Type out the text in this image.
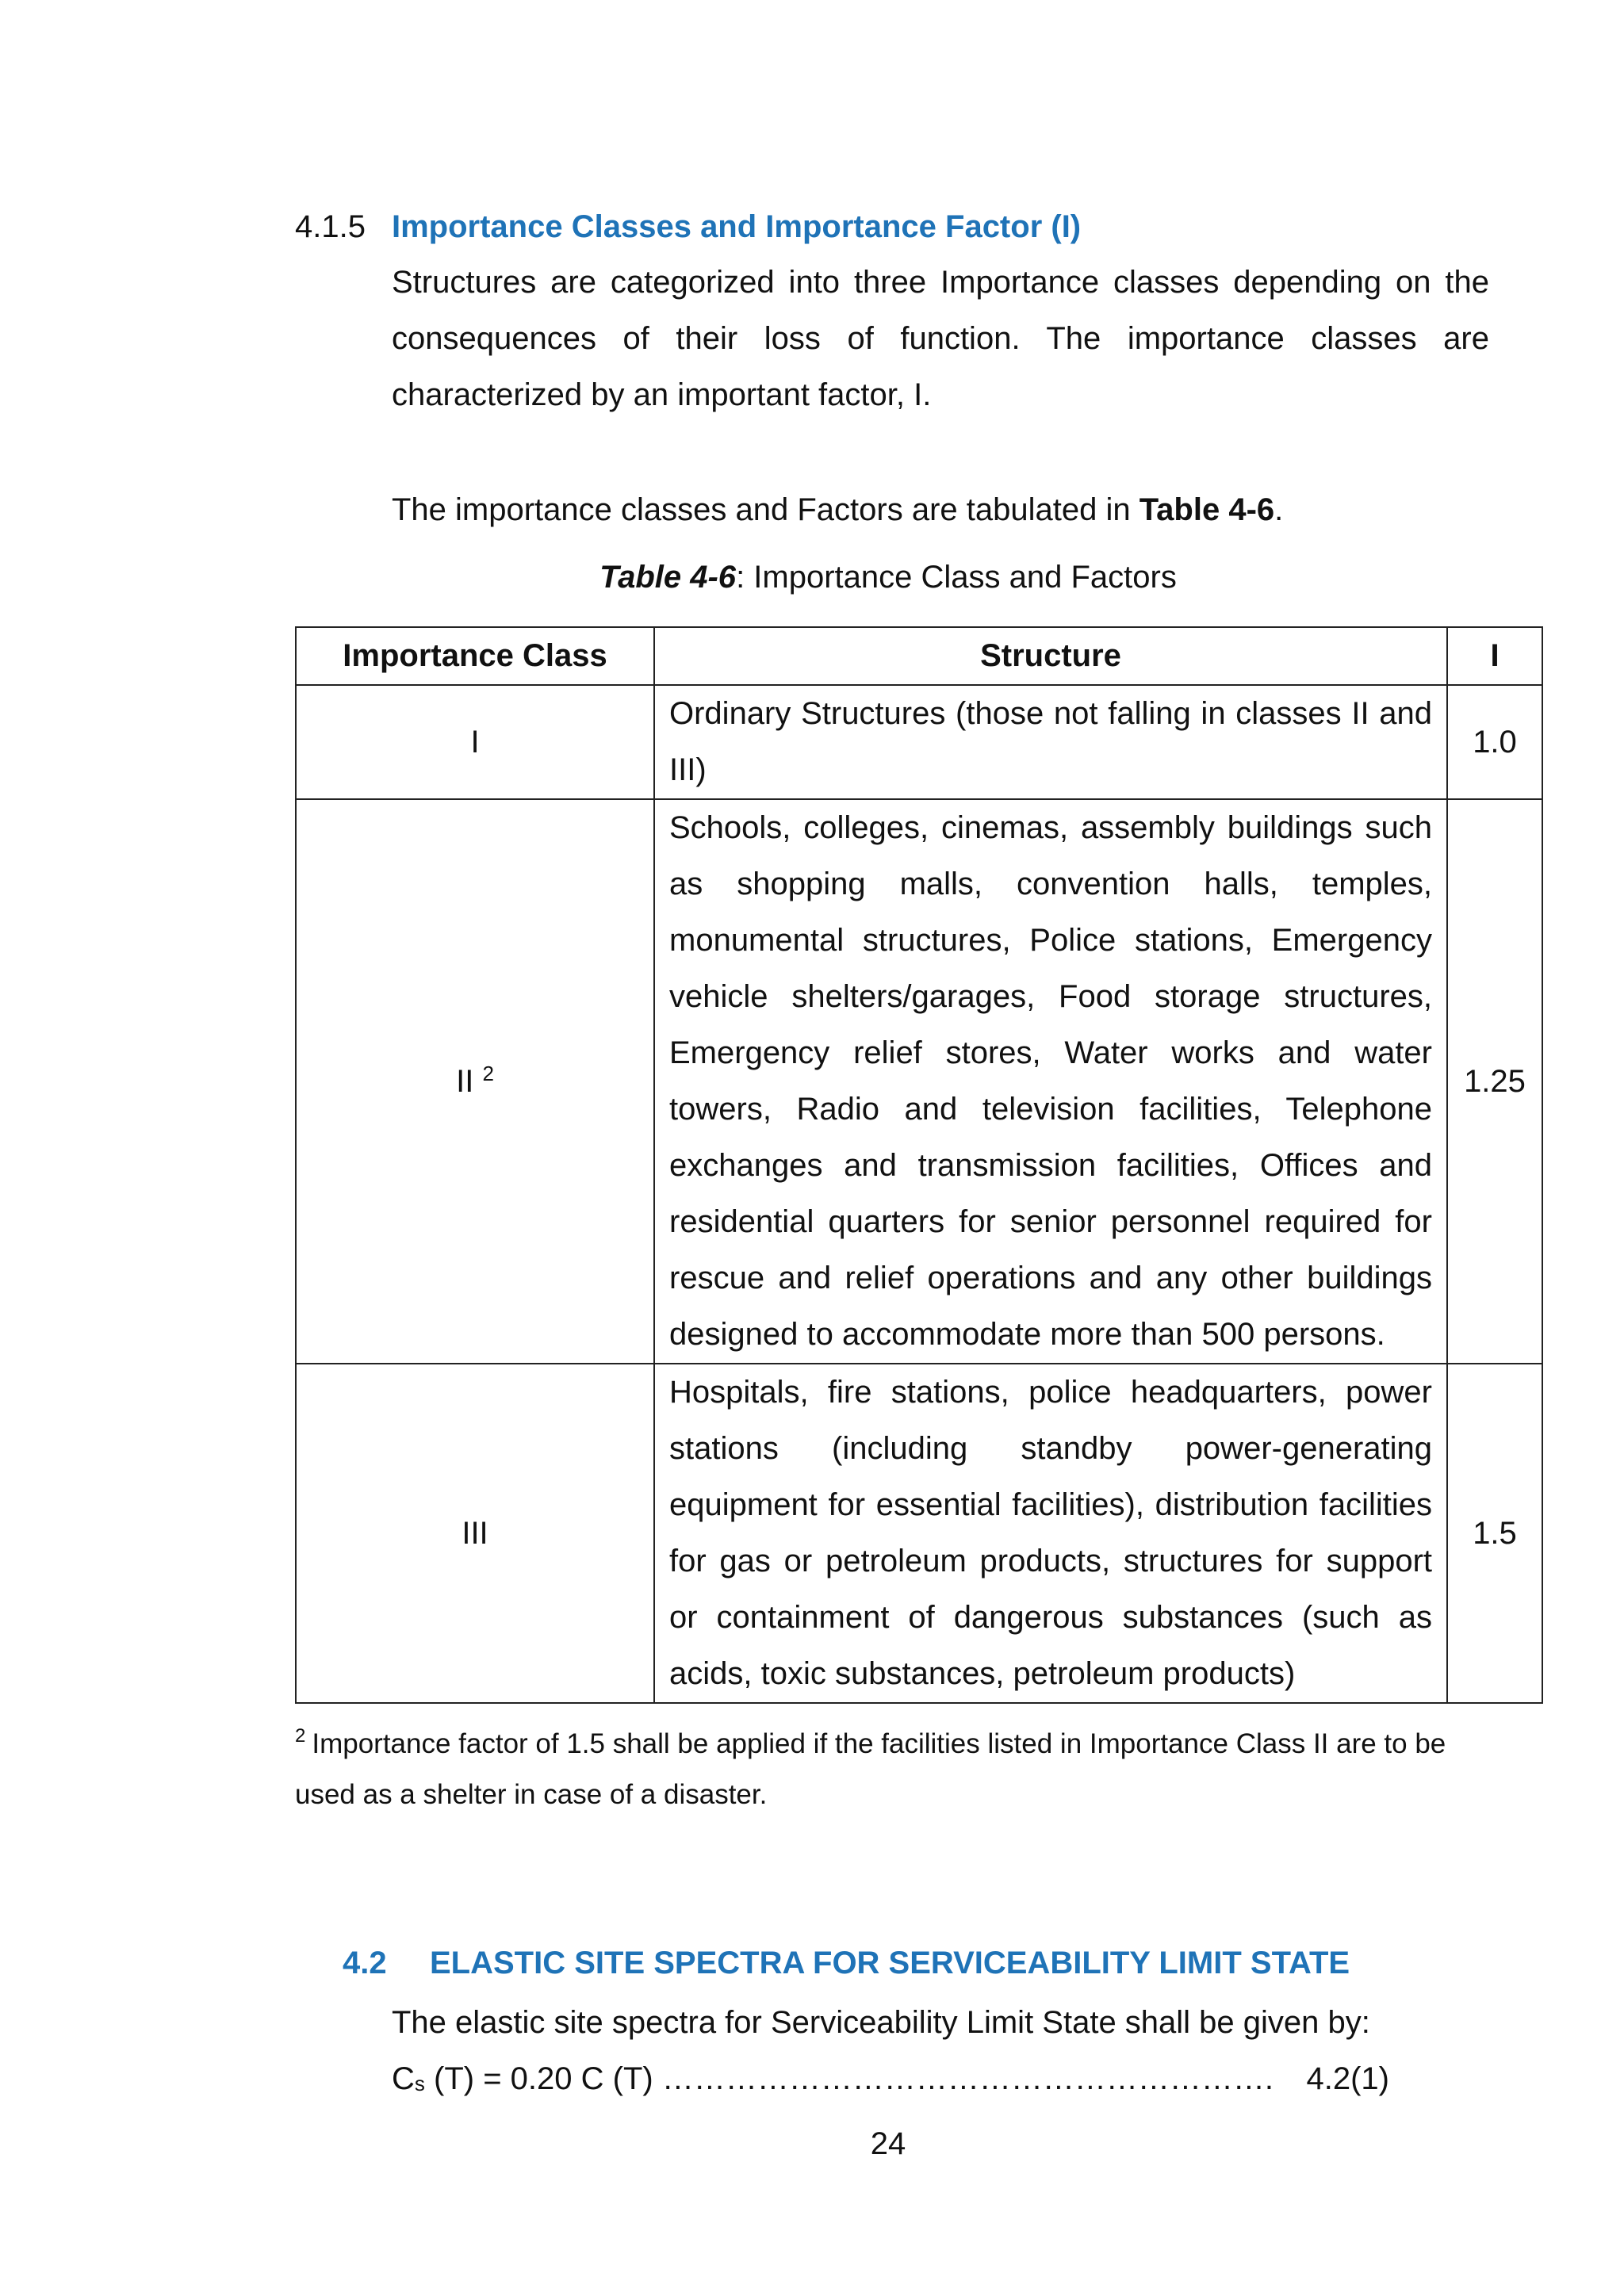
4.1.5 Importance Classes and Importance Factor (I)
Structures are categorized into three Importance classes depending on the consequences of their loss of function. The importance classes are characterized by an important factor, I.
The importance classes and Factors are tabulated in Table 4-6.
Table 4-6: Importance Class and Factors
Importance Class	Structure	I
I	Ordinary Structures (those not falling in classes II and III)	1.0
II $^2$	Schools, colleges, cinemas, assembly buildings such as shopping malls, convention halls, temples, monumental structures, Police stations, Emergency vehicle shelters/garages, Food storage structures, Emergency relief stores, Water works and water towers, Radio and television facilities, Telephone exchanges and transmission facilities, Offices and residential quarters for senior personnel required for rescue and relief operations and any other buildings designed to accommodate more than 500 persons.	1.25
III	Hospitals, fire stations, police headquarters, power stations (including standby power-generating equipment for essential facilities), distribution facilities for gas or petroleum products, structures for support or containment of dangerous substances (such as acids, toxic substances, petroleum products)	1.5
$^2$ Importance factor of 1.5 shall be applied if the facilities listed in Importance Class II are to be used as a shelter in case of a disaster.
4.2 ELASTIC SITE SPECTRA FOR SERVICEABILITY LIMIT STATE
The elastic site spectra for Serviceability Limit State shall be given by:
Cs (T) = 0.20 C (T) …………………………………………………. 4.2(1)
24
